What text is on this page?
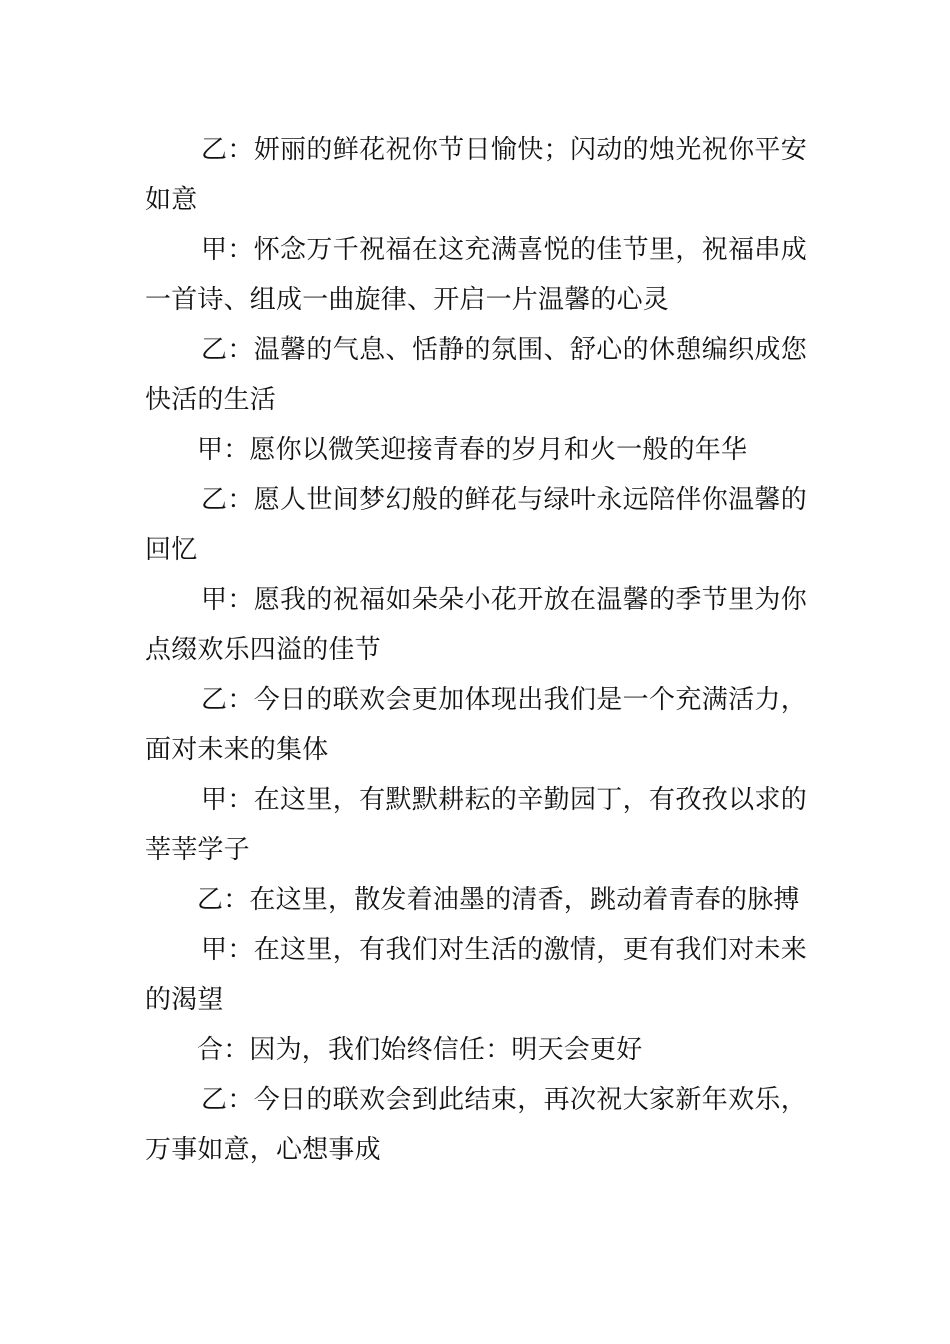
乙：妍丽的鲜花祝你节日愉快；闪动的烛光祝你平安如意

甲：怀念万千祝福在这充满喜悦的佳节里，祝福串成一首诗、组成一曲旋律、开启一片温馨的心灵

乙：温馨的气息、恬静的氛围、舒心的休憩编织成您快活的生活

甲：愿你以微笑迎接青春的岁月和火一般的年华

乙：愿人世间梦幻般的鲜花与绿叶永远陪伴你温馨的回忆

甲：愿我的祝福如朵朵小花开放在温馨的季节里为你点缀欢乐四溢的佳节

乙：今日的联欢会更加体现出我们是一个充满活力，面对未来的集体

甲：在这里，有默默耕耘的辛勤园丁，有孜孜以求的莘莘学子

乙：在这里，散发着油墨的清香，跳动着青春的脉搏

甲：在这里，有我们对生活的激情，更有我们对未来的渴望

合：因为，我们始终信任：明天会更好

乙：今日的联欢会到此结束，再次祝大家新年欢乐，万事如意，心想事成
